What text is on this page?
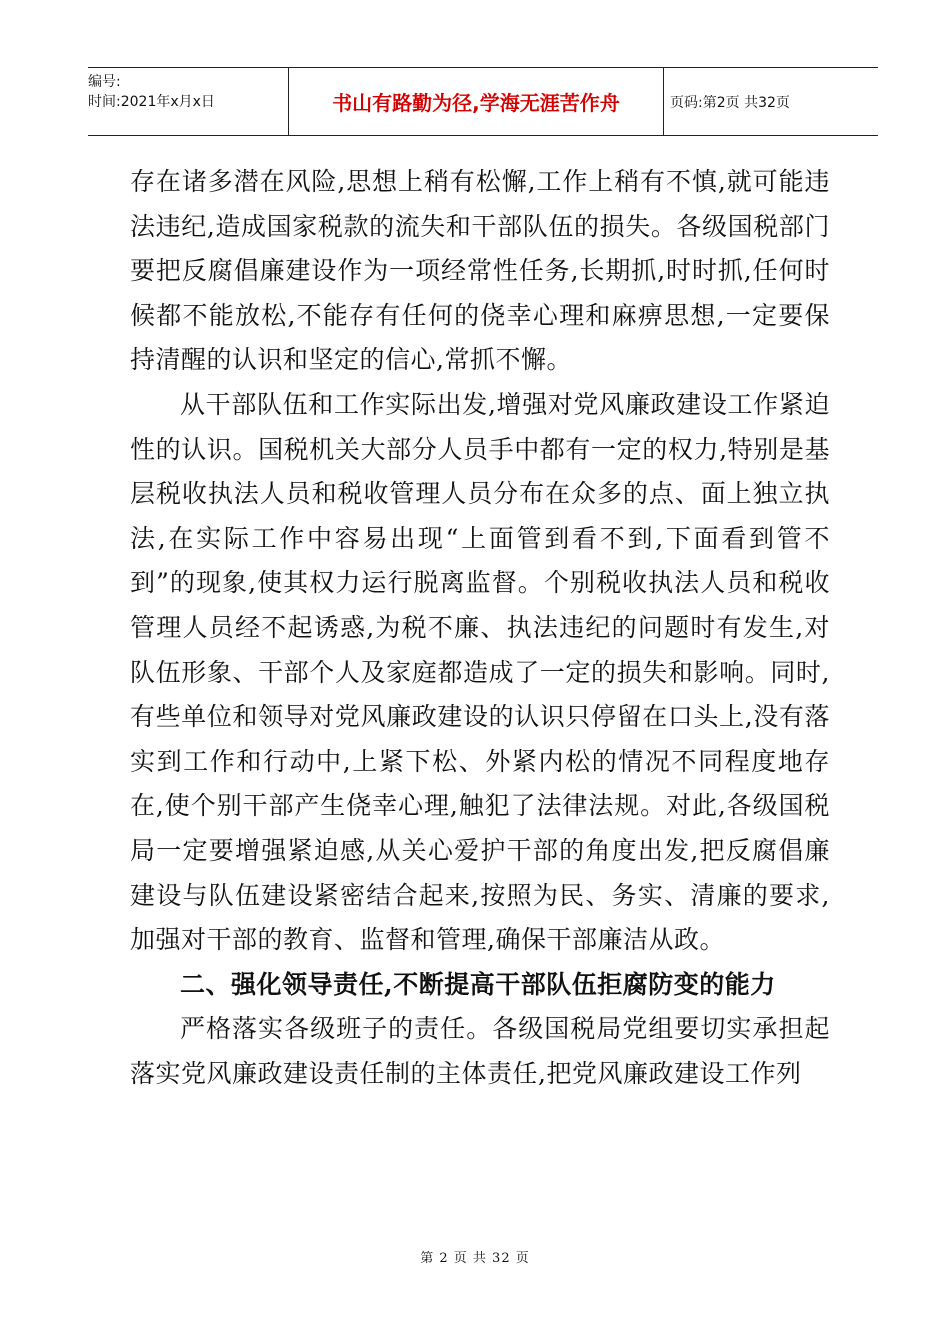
编号:
时间:2021年x月x日	书山有路勤为径,学海无涯苦作舟	页码:第2页 共32页

存在诸多潜在风险,思想上稍有松懈,工作上稍有不慎,就可能违法违纪,造成国家税款的流失和干部队伍的损失。各级国税部门要把反腐倡廉建设作为一项经常性任务,长期抓,时时抓,任何时候都不能放松,不能存有任何的侥幸心理和麻痹思想,一定要保持清醒的认识和坚定的信心,常抓不懈。

从干部队伍和工作实际出发,增强对党风廉政建设工作紧迫性的认识。国税机关大部分人员手中都有一定的权力,特别是基层税收执法人员和税收管理人员分布在众多的点、面上独立执法,在实际工作中容易出现“上面管到看不到,下面看到管不到”的现象,使其权力运行脱离监督。个别税收执法人员和税收管理人员经不起诱惑,为税不廉、执法违纪的问题时有发生,对队伍形象、干部个人及家庭都造成了一定的损失和影响。同时,有些单位和领导对党风廉政建设的认识只停留在口头上,没有落实到工作和行动中,上紧下松、外紧内松的情况不同程度地存在,使个别干部产生侥幸心理,触犯了法律法规。对此,各级国税局一定要增强紧迫感,从关心爱护干部的角度出发,把反腐倡廉建设与队伍建设紧密结合起来,按照为民、务实、清廉的要求,加强对干部的教育、监督和管理,确保干部廉洁从政。

二、强化领导责任,不断提高干部队伍拒腐防变的能力

严格落实各级班子的责任。各级国税局党组要切实承担起落实党风廉政建设责任制的主体责任,把党风廉政建设工作列

第 2 页 共 32 页
